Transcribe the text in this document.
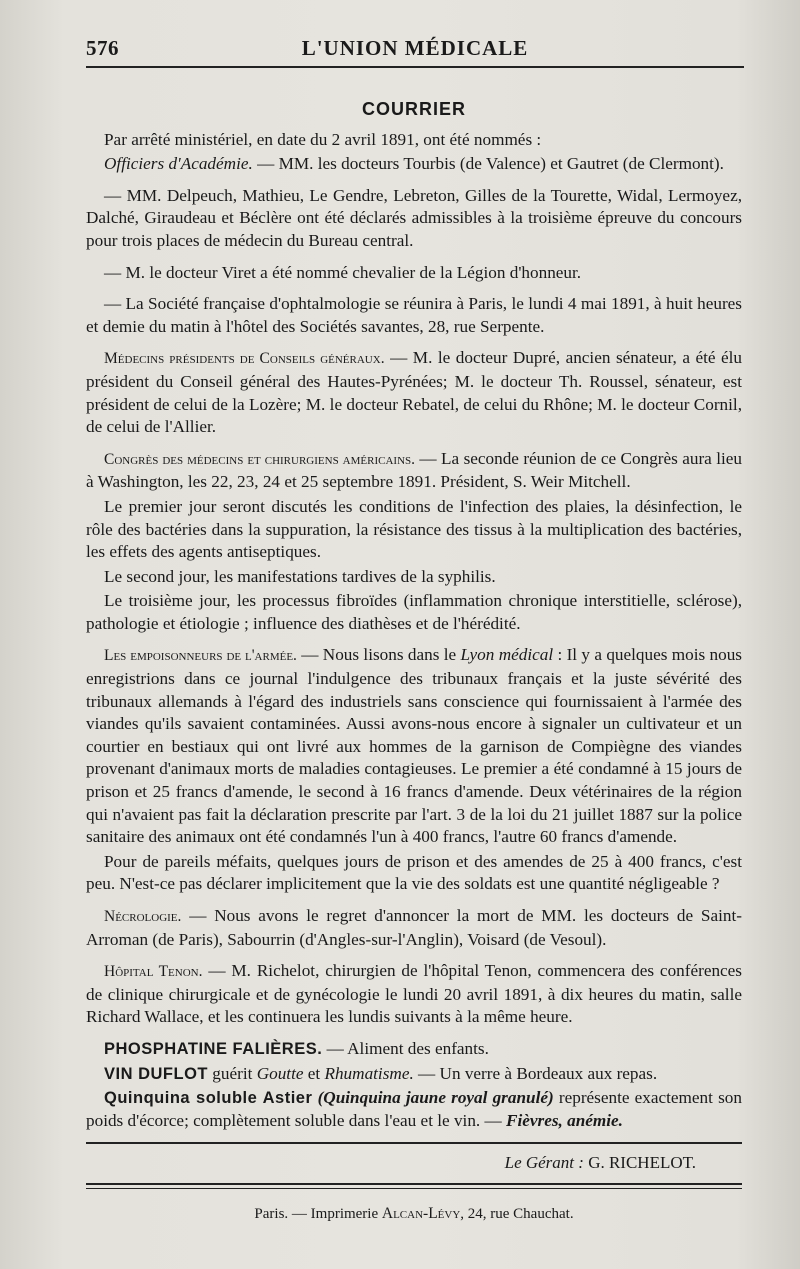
576	L'UNION MÉDICALE
COURRIER

Par arrêté ministériel, en date du 2 avril 1891, ont été nommés :

Officiers d'Académie. — MM. les docteurs Tourbis (de Valence) et Gautret (de Clermont).

— MM. Delpeuch, Mathieu, Le Gendre, Lebreton, Gilles de la Tourette, Widal, Lermoyez, Dalché, Giraudeau et Béclère ont été déclarés admissibles à la troisième épreuve du concours pour trois places de médecin du Bureau central.

— M. le docteur Viret a été nommé chevalier de la Légion d'honneur.

— La Société française d'ophtalmologie se réunira à Paris, le lundi 4 mai 1891, à huit heures et demie du matin à l'hôtel des Sociétés savantes, 28, rue Serpente.

Médecins présidents de Conseils généraux. — M. le docteur Dupré, ancien sénateur, a été élu président du Conseil général des Hautes-Pyrénées; M. le docteur Th. Roussel, sénateur, est président de celui de la Lozère; M. le docteur Rebatel, de celui du Rhône; M. le docteur Cornil, de celui de l'Allier.

Congrès des médecins et chirurgiens américains. — La seconde réunion de ce Congrès aura lieu à Washington, les 22, 23, 24 et 25 septembre 1891. Président, S. Weir Mitchell.

Le premier jour seront discutés les conditions de l'infection des plaies, la désinfection, le rôle des bactéries dans la suppuration, la résistance des tissus à la multiplication des bactéries, les effets des agents antiseptiques.

Le second jour, les manifestations tardives de la syphilis.

Le troisième jour, les processus fibroïdes (inflammation chronique interstitielle, sclérose), pathologie et étiologie ; influence des diathèses et de l'hérédité.

Les empoisonneurs de l'armée. — Nous lisons dans le Lyon médical : Il y a quelques mois nous enregistrions dans ce journal l'indulgence des tribunaux français et la juste sévérité des tribunaux allemands à l'égard des industriels sans conscience qui fournissaient à l'armée des viandes qu'ils savaient contaminées. Aussi avons-nous encore à signaler un cultivateur et un courtier en bestiaux qui ont livré aux hommes de la garnison de Compiègne des viandes provenant d'animaux morts de maladies contagieuses. Le premier a été condamné à 15 jours de prison et 25 francs d'amende, le second à 16 francs d'amende. Deux vétérinaires de la région qui n'avaient pas fait la déclaration prescrite par l'art. 3 de la loi du 21 juillet 1887 sur la police sanitaire des animaux ont été condamnés l'un à 400 francs, l'autre 60 francs d'amende.

Pour de pareils méfaits, quelques jours de prison et des amendes de 25 à 400 francs, c'est peu. N'est-ce pas déclarer implicitement que la vie des soldats est une quantité négligeable ?

Nécrologie. — Nous avons le regret d'annoncer la mort de MM. les docteurs de Saint-Arroman (de Paris), Sabourrin (d'Angles-sur-l'Anglin), Voisard (de Vesoul).

Hôpital Tenon. — M. Richelot, chirurgien de l'hôpital Tenon, commencera des conférences de clinique chirurgicale et de gynécologie le lundi 20 avril 1891, à dix heures du matin, salle Richard Wallace, et les continuera les lundis suivants à la même heure.

PHOSPHATINE FALIÈRES. — Aliment des enfants.

VIN DUFLOT guérit Goutte et Rhumatisme. — Un verre à Bordeaux aux repas.

Quinquina soluble Astier (Quinquina jaune royal granulé) représente exactement son poids d'écorce; complètement soluble dans l'eau et le vin. — Fièvres, anémie.

Le Gérant : G. RICHELOT.
Paris. — Imprimerie Alcan-Lévy, 24, rue Chauchat.
